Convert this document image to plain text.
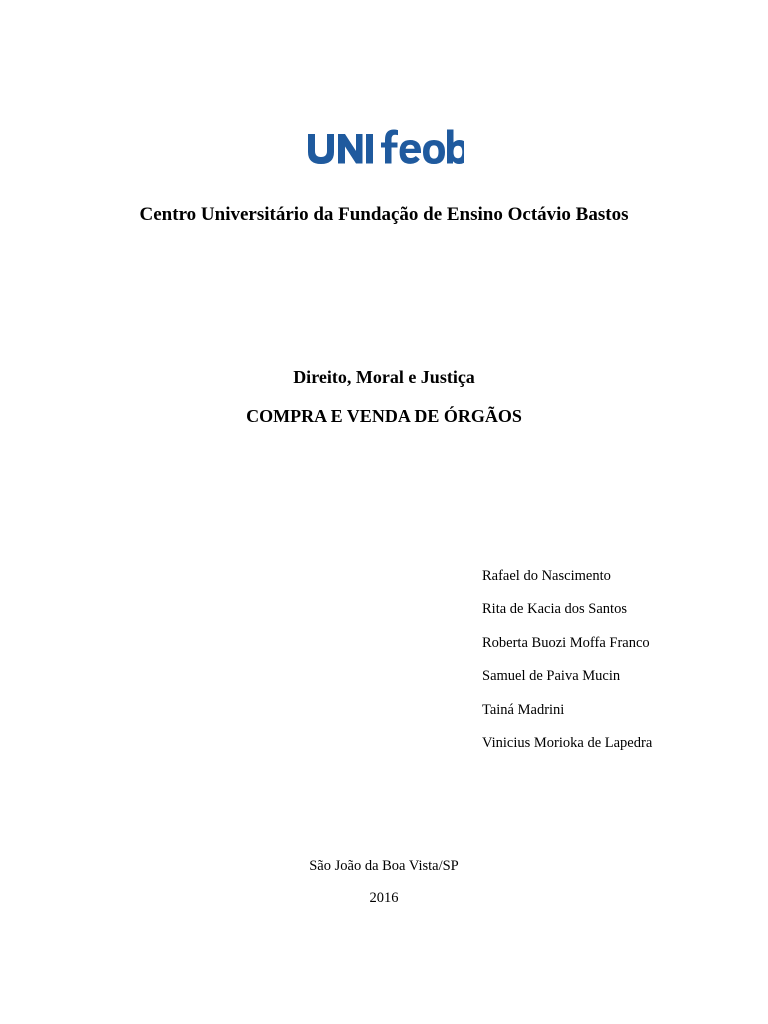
Centro Universitário da Fundação de Ensino Octávio Bastos
Direito, Moral e Justiça
COMPRA E VENDA DE ÓRGÃOS
Rafael do Nascimento
Rita de Kacia dos Santos
Roberta Buozi Moffa Franco
Samuel de Paiva Mucin
Tainá Madrini
Vinicius Morioka de Lapedra
São João da Boa Vista/SP
2016
